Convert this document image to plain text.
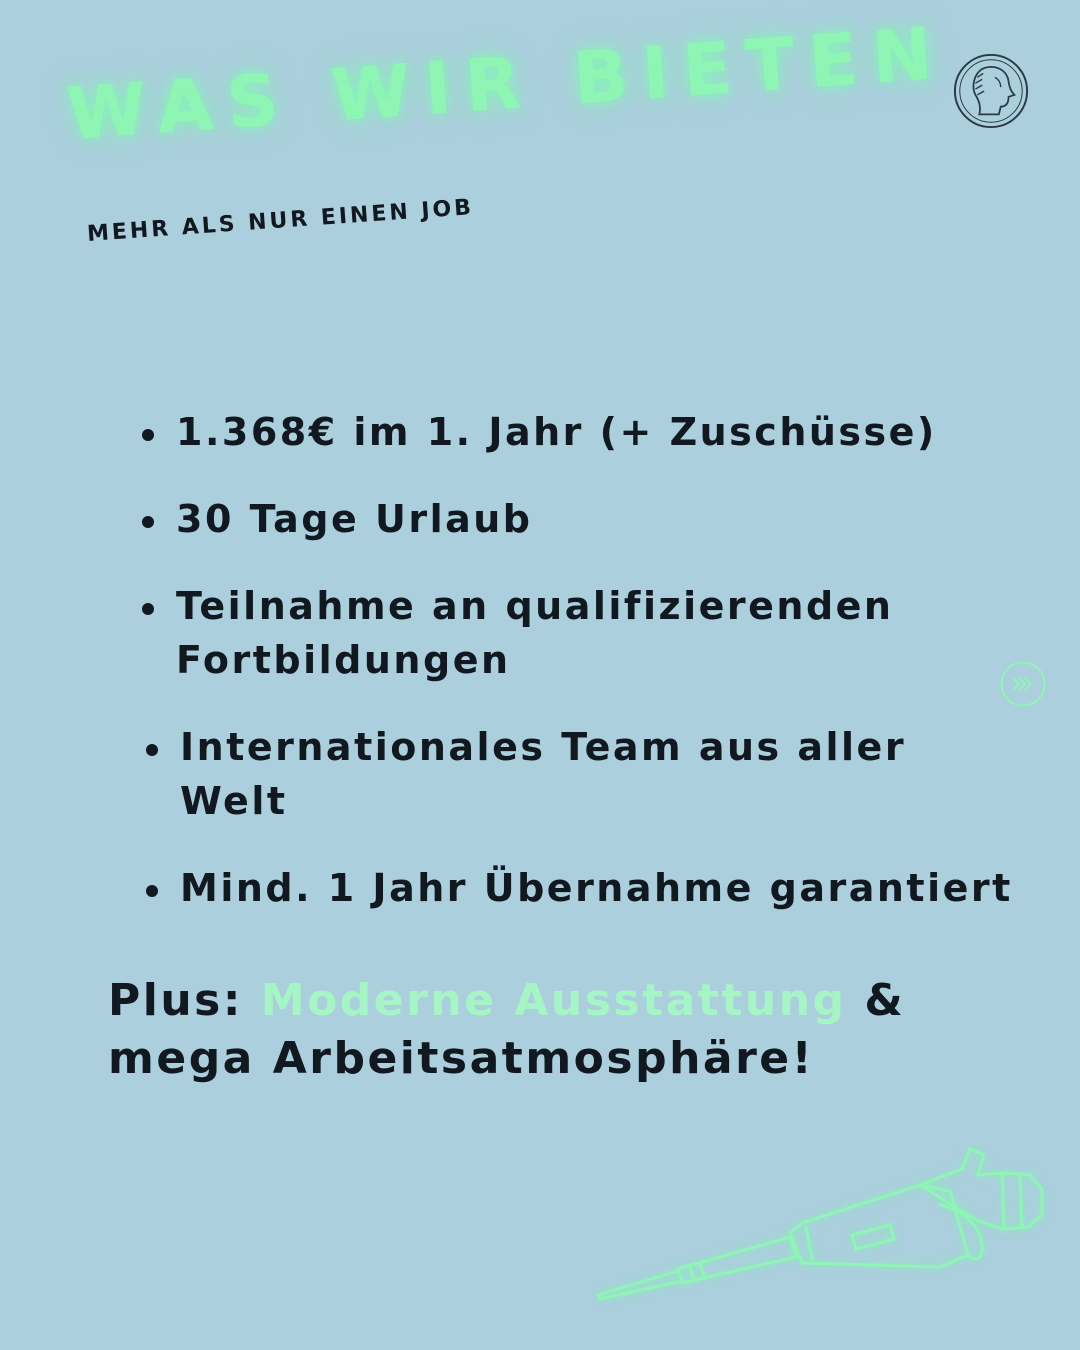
WAS WIR BIETEN
MEHR ALS NUR EINEN JOB
1.368€ im 1. Jahr (+ Zuschüsse)
30 Tage Urlaub
Teilnahme an qualifizierenden
Fortbildungen
Internationales Team aus aller Welt
Mind. 1 Jahr Übernahme garantiert

Plus: Moderne Ausstattung & mega Arbeitsatmosphäre!
